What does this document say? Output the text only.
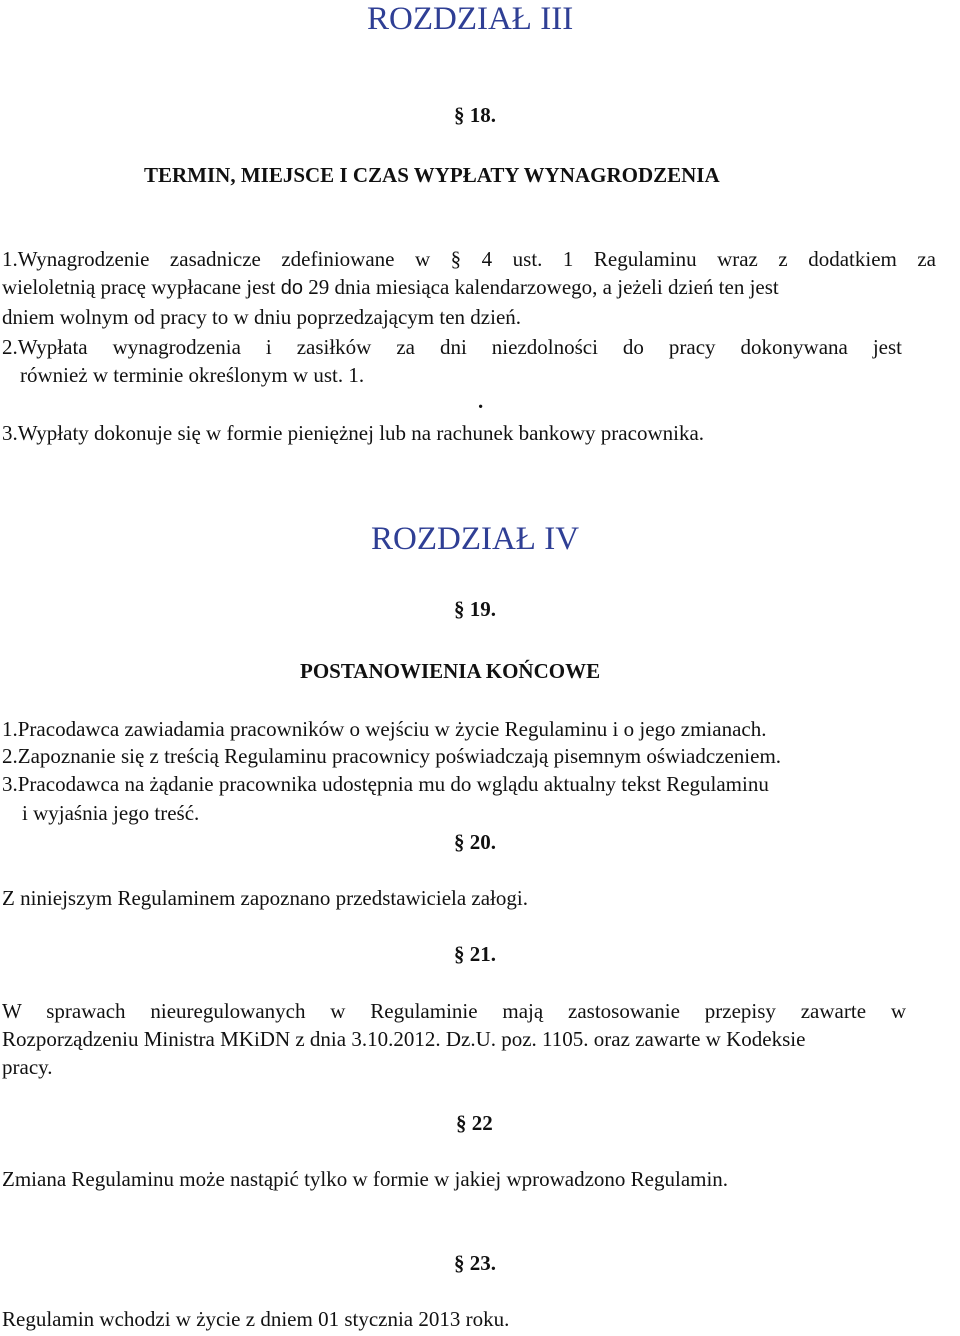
ROZDZIAŁ III
§ 18.
TERMIN, MIEJSCE I CZAS WYPŁATY WYNAGRODZENIA
1.Wynagrodzenie zasadnicze zdefiniowane w § 4 ust. 1 Regulaminu wraz z dodatkiem za
wieloletnią pracę wypłacane jest do 29 dnia miesiąca kalendarzowego, a jeżeli dzień ten jest
dniem wolnym od pracy to w dniu poprzedzającym ten dzień.
2.Wypłata wynagrodzenia i zasiłków za dni niezdolności do pracy dokonywana jest
również w terminie określonym w ust. 1.
.
3.Wypłaty dokonuje się w formie pieniężnej lub na rachunek bankowy pracownika.
ROZDZIAŁ IV
§ 19.
POSTANOWIENIA KOŃCOWE
1.Pracodawca zawiadamia pracowników o wejściu w życie Regulaminu i o jego zmianach.
2.Zapoznanie się z treścią Regulaminu pracownicy poświadczają pisemnym oświadczeniem.
3.Pracodawca na żądanie pracownika udostępnia mu do wglądu aktualny tekst Regulaminu
i wyjaśnia jego treść.
§ 20.
Z niniejszym Regulaminem zapoznano przedstawiciela załogi.
§ 21.
W sprawach nieuregulowanych w Regulaminie mają zastosowanie przepisy zawarte w
Rozporządzeniu Ministra MKiDN z dnia 3.10.2012. Dz.U. poz. 1105. oraz zawarte w Kodeksie
pracy.
§ 22
Zmiana Regulaminu może nastąpić tylko w formie w jakiej wprowadzono Regulamin.
§ 23.
Regulamin wchodzi w życie z dniem 01 stycznia 2013 roku.
